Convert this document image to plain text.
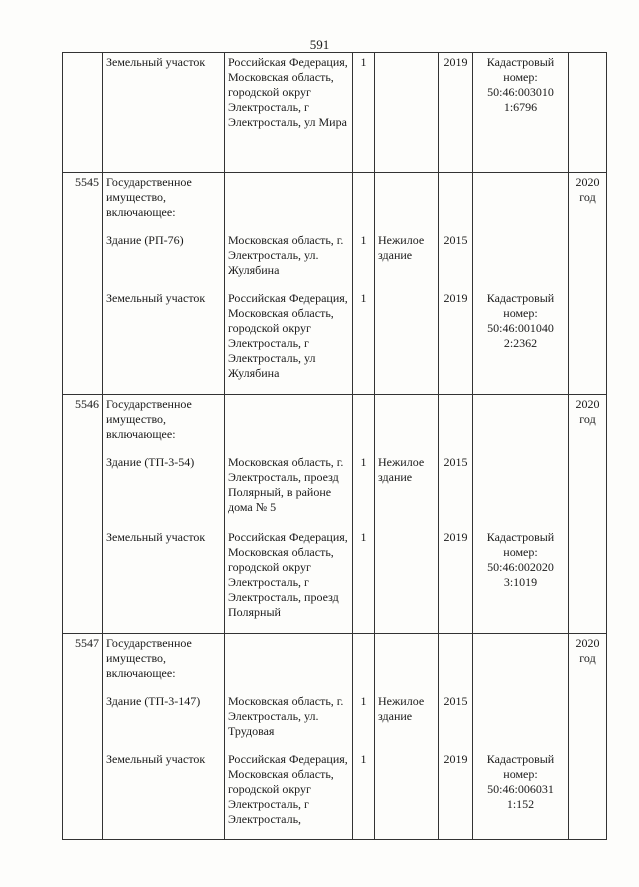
591
	Земельный участок	Российская Федерация, Московская область, городской округ Электросталь, г Электросталь, ул Мира	1		2019	Кадастровый номер: 50:46:003010 1:6796	
5545	Государственное имущество, включающее:						2020 год
	Здание (РП-76)	Московская область, г. Электросталь, ул. Жулябина	1	Нежилое здание	2015		
	Земельный участок	Российская Федерация, Московская область, городской округ Электросталь, г Электросталь, ул Жулябина	1		2019	Кадастровый номер: 50:46:001040 2:2362	
5546	Государственное имущество, включающее:						2020 год
	Здание (ТП-3-54)	Московская область, г. Электросталь, проезд Полярный, в районе дома № 5	1	Нежилое здание	2015		
	Земельный участок	Российская Федерация, Московская область, городской округ Электросталь, г Электросталь, проезд Полярный	1		2019	Кадастровый номер: 50:46:002020 3:1019	
5547	Государственное имущество, включающее:						2020 год
	Здание (ТП-3-147)	Московская область, г. Электросталь, ул. Трудовая	1	Нежилое здание	2015		
	Земельный участок	Российская Федерация, Московская область, городской округ Электросталь, г Электросталь,	1		2019	Кадастровый номер: 50:46:006031 1:152	
